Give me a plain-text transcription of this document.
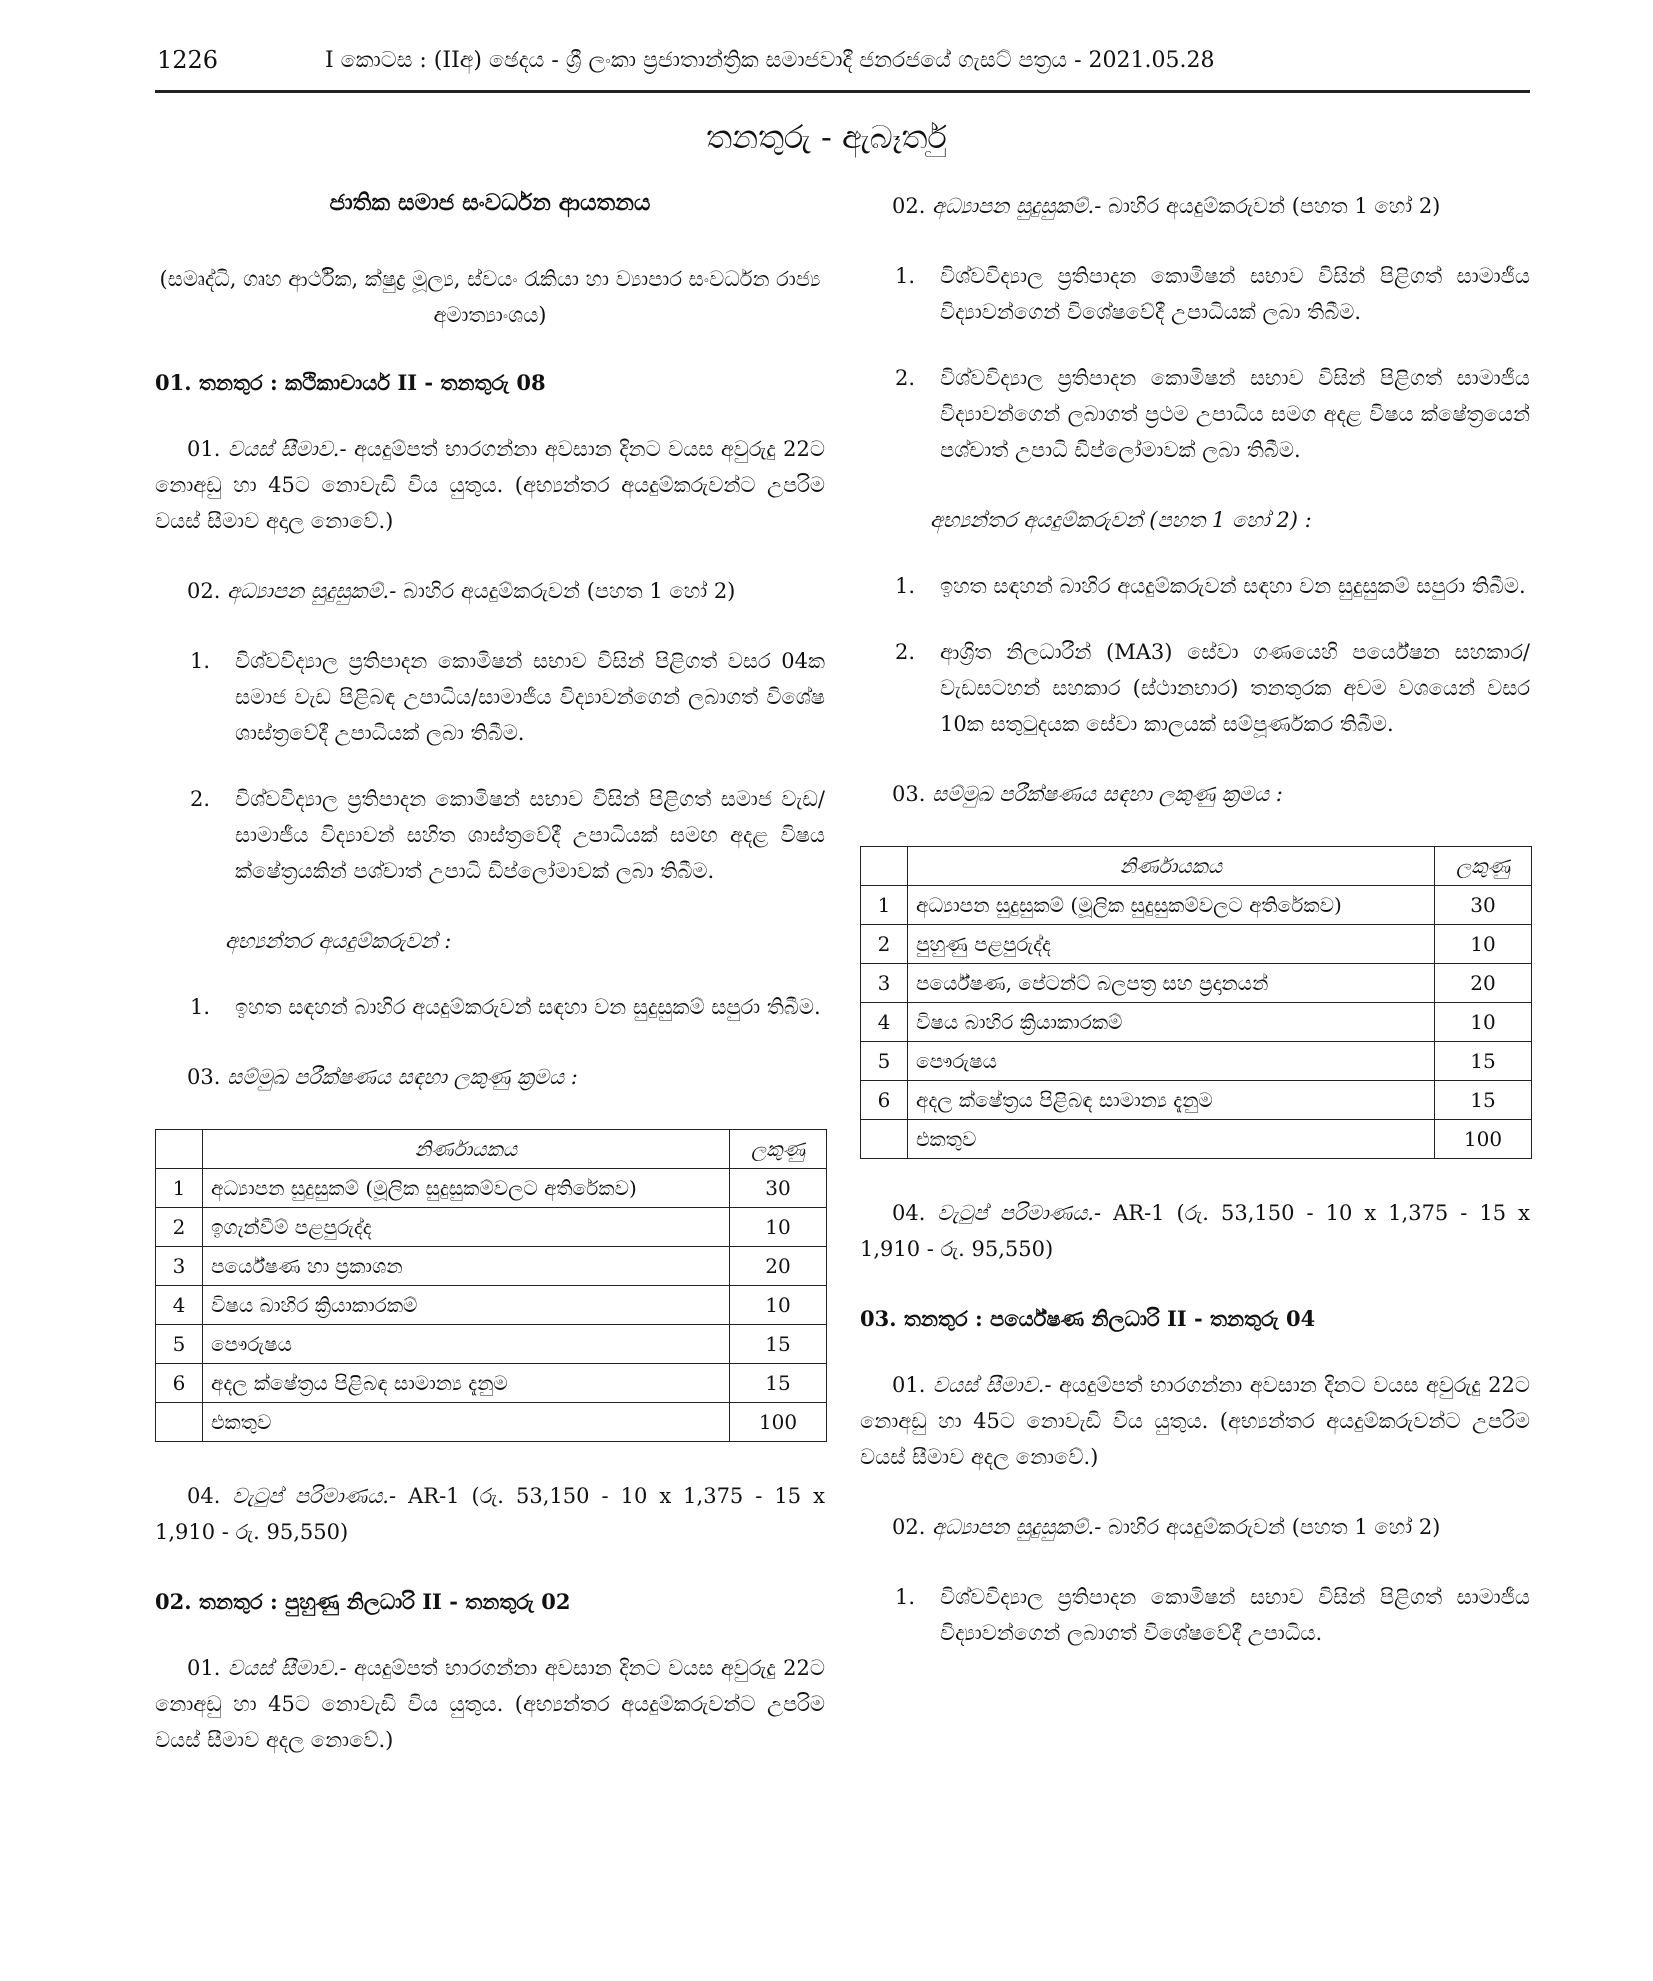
1226	I කොටස : (IIඅ) ඡෙදය - ශ්‍රී ලංකා ප්‍රජාතාන්ත්‍රික සමාජවාදී ජනරජයේ ගැසට් පත්‍රය - 2021.05.28
තනතුරු - ඇබෑර්තු
ජාතික සමාජ සංවර්ධන ආයතනය
(සමෘද්ධි, ගෘහ ආර්ථික, ක්ෂුද්‍ර මූල්‍ය, ස්වයං රැකියා හා ව්‍යාපාර සංවර්ධන රාජ්‍ය අමාත්‍යාංශය)
01. තනතුර : කථිකාචාර්ය II - තනතුරු 08

01. වයස් සීමාව.- අයදුම්පත් භාරගන්නා අවසාන දිනට වයස අවුරුදු 22ට නොඅඩු හා 45ට නොවැඩි විය යුතුය. (අභ්‍යන්තර අයදුම්කරුවන්ට උපරිම වයස් සීමාව අදාල නොවේ.)

02. අධ්‍යාපන සුදුසුකම්.- බාහිර අයදුම්කරුවන් (පහත 1 හෝ 2)

1. විශ්වවිද්‍යාල ප්‍රතිපාදන කොමිෂන් සභාව විසින් පිළිගත් වසර 04ක සමාජ වැඩ පිළිබඳ උපාධිය/සාමාජීය විද්‍යාවන්ගෙන් ලබාගත් විශේෂ ශාස්ත්‍රවේදී උපාධියක් ලබා තිබීම.
2. විශ්වවිද්‍යාල ප්‍රතිපාදන කොමිෂන් සභාව විසින් පිළිගත් සමාජ වැඩ/සාමාජීය විද්‍යාවන් සහිත ශාස්ත්‍රවේදී උපාධියක් සමඟ අදළ විෂය ක්ෂේත්‍රයකින් පශ්චාත් උපාධි ඩිප්ලෝමාවක් ලබා තිබීම.
අභ්‍යන්තර අයදුම්කරුවන් :
1. ඉහත සඳහන් බාහිර අයදුම්කරුවන් සඳහා වන සුදුසුකම් සපුරා තිබීම.

03. සම්මුඛ පරීක්ෂණය සඳහා ලකුණු ක්‍රමය :

	නිර්ණායකය	ලකුණු
1	අධ්‍යාපන සුදුසුකම් (මූලික සුදුසුකම්වලට අතිරේකව)	30
2	ඉගැන්වීම් පළපුරුද්ද	10
3	පර්යේෂණ හා ප්‍රකාශන	20
4	විෂය බාහිර ක්‍රියාකාරකම්	10
5	පෞරුෂය	15
6	අදල ක්ෂේත්‍රය පිළිබඳ සාමාන්‍ය දැනුම	15
	එකතුව	100

04. වැටුප් පරිමාණය.- AR-1 (රු. 53,150 - 10 x 1,375 - 15 x 1,910 - රු. 95,550)

02. තනතුර : පුහුණු නිලධාරි II - තනතුරු 02

01. වයස් සීමාව.- අයදුම්පත් භාරගන්නා අවසාන දිනට වයස අවුරුදු 22ට නොඅඩු හා 45ට නොවැඩි විය යුතුය. (අභ්‍යන්තර අයදුම්කරුවන්ට උපරිම වයස් සීමාව අදල නොවේ.)

02. අධ්‍යාපන සුදුසුකම්.- බාහිර අයදුම්කරුවන් (පහත 1 හෝ 2)

1. විශ්වවිද්‍යාල ප්‍රතිපාදන කොමිෂන් සභාව විසින් පිළිගත් සාමාජීය විද්‍යාවන්ගෙන් විශේෂවේදී උපාධියක් ලබා තිබීම.
2. විශ්වවිද්‍යාල ප්‍රතිපාදන කොමිෂන් සභාව විසින් පිළිගත් සාමාජීය විද්‍යාවන්ගෙන් ලබාගත් ප්‍රථම උපාධිය සමග අදළ විෂය ක්ෂේත්‍රයෙන් පශ්චාත් උපාධි ඩිප්ලෝමාවක් ලබා තිබීම.
අභ්‍යන්තර අයදුම්කරුවන් (පහත 1 හෝ 2) :
1. ඉහත සඳහන් බාහිර අයදුම්කරුවන් සඳහා වන සුදුසුකම් සපුරා තිබීම.
2. ආශ්‍රිත නිලධාරීන් (MA3) සේවා ගණයෙහි පර්යේෂන සහකාර/ වැඩසටහන් සහකාර (ස්ථානභාර) තනතුරක අවම වශයෙන් වසර 10ක සතුටුදයක සේවා කාලයක් සම්පූර්ණකර තිබීම.

03. සම්මුඛ පරීක්ෂණය සඳහා ලකුණු ක්‍රමය :

	නිර්ණායකය	ලකුණු
1	අධ්‍යාපන සුදුසුකම් (මූලික සුදුසුකම්වලට අතිරේකව)	30
2	පුහුණු පළපුරුද්ද	10
3	පර්යේෂණ, පේටන්ට් බලපත්‍ර සහ ප්‍රදානයන්	20
4	විෂය බාහිර ක්‍රියාකාරකම්	10
5	පෞරුෂය	15
6	අදල ක්ෂේත්‍රය පිළිබඳ සාමාන්‍ය දැනුම	15
	එකතුව	100

04. වැටුප් පරිමාණය.- AR-1 (රු. 53,150 - 10 x 1,375 - 15 x 1,910 - රු. 95,550)

03. තනතුර : පර්යේෂණ නිලධාරි II - තනතුරු 04

01. වයස් සීමාව.- අයදුම්පත් භාරගන්නා අවසාන දිනට වයස අවුරුදු 22ට නොඅඩු හා 45ට නොවැඩි විය යුතුය. (අභ්‍යන්තර අයදුම්කරුවන්ට උපරිම වයස් සීමාව අදල නොවේ.)

02. අධ්‍යාපන සුදුසුකම්.- බාහිර අයදුම්කරුවන් (පහත 1 හෝ 2)

1. විශ්වවිද්‍යාල ප්‍රතිපාදන කොමිෂන් සභාව විසින් පිළිගත් සාමාජීය විද්‍යාවන්ගෙන් ලබාගත් විශේෂවේදී උපාධිය.
